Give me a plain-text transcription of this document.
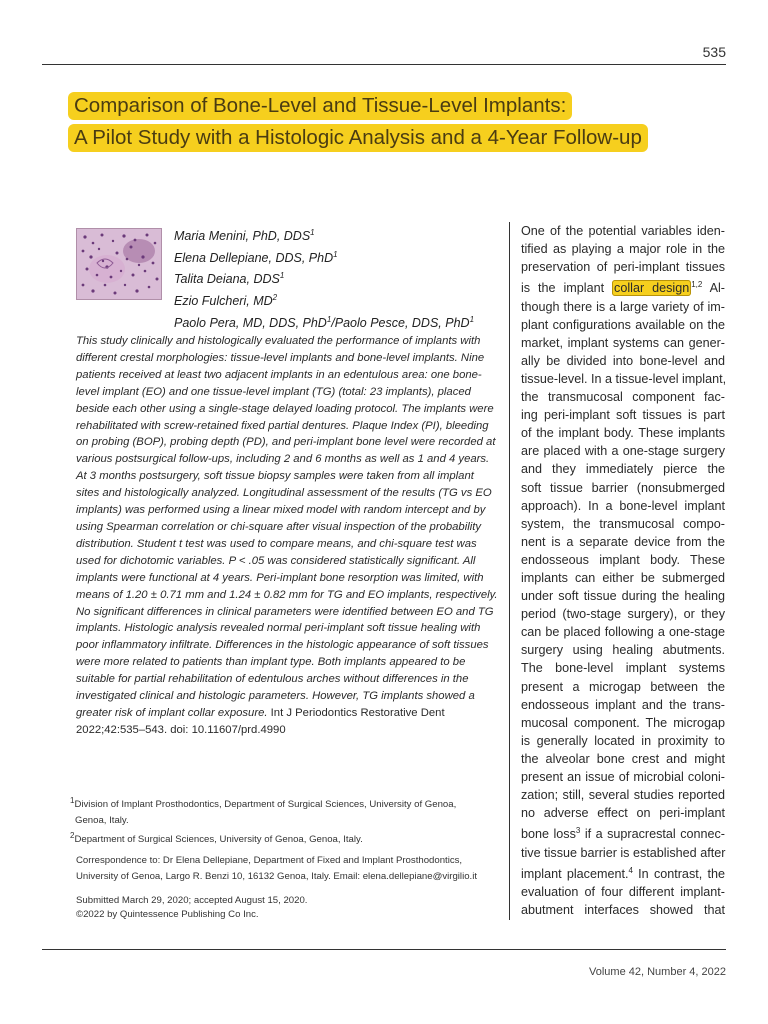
535
Comparison of Bone-Level and Tissue-Level Implants:
A Pilot Study with a Histologic Analysis and a 4-Year Follow-up
Maria Menini, PhD, DDS$^1$
Elena Dellepiane, DDS, PhD$^1$
Talita Deiana, DDS$^1$
Ezio Fulcheri, $MD^2$
Paolo Pera, MD, DDS, PhD$^1$/Paolo Pesce, DDS, PhD$^1$
This study clinically and histologically evaluated the performance of implants with different crestal morphologies: tissue-level implants and bone-level implants. Nine patients received at least two adjacent implants in an edentulous area: one bone-level implant (EO) and one tissue-level implant (TG) (total: 23 implants), placed beside each other using a single-stage delayed loading protocol. The implants were rehabilitated with screw-retained fixed partial dentures. Plaque Index (PI), bleeding on probing (BOP), probing depth (PD), and peri-implant bone level were recorded at various postsurgical follow-ups, including 2 and 6 months as well as 1 and 4 years. At 3 months postsurgery, soft tissue biopsy samples were taken from all implant sites and histologically analyzed. Longitudinal assessment of the results (TG vs EO implants) was performed using a linear mixed model with random intercept and by using Spearman correlation or chi-square after visual inspection of the probability distribution. Student t test was used to compare means, and chi-square test was used for dichotomic variables. P < .05 was considered statistically significant. All implants were functional at 4 years. Peri-implant bone resorption was limited, with means of 1.20 ± 0.71 mm and 1.24 ± 0.82 mm for TG and EO implants, respectively. No significant differences in clinical parameters were identified between EO and TG implants. Histologic analysis revealed normal peri-implant soft tissue healing with poor inflammatory infiltrate. Differences in the histologic appearance of soft tissues were more related to patients than implant type. Both implants appeared to be suitable for partial rehabilitation of edentulous arches without differences in the investigated clinical and histologic parameters. However, TG implants showed a greater risk of implant collar exposure. Int J Periodontics Restorative Dent 2022;42:535–543. doi: 10.11607/prd.4990
$^1$Division of Implant Prosthodontics, Department of Surgical Sciences, University of Genoa,
Genoa, Italy.
$^2$Department of Surgical Sciences, University of Genoa, Genoa, Italy.
Correspondence to: Dr Elena Dellepiane, Department of Fixed and Implant Prosthodontics,
University of Genoa, Largo R. Benzi 10, 16132 Genoa, Italy. Email: elena.dellepiane@virgilio.it
Submitted March 29, 2020; accepted August 15, 2020.
©2022 by Quintessence Publishing Co Inc.
One of the potential variables iden-
tified as playing a major role in the
preservation of peri-implant tissues
is the implant collar design $^{1,2}$ Al-
though there is a large variety of im-
plant configurations available on the
market, implant systems can gener-
ally be divided into bone-level and
tissue-level. In a tissue-level implant,
the transmucosal component fac-
ing peri-implant soft tissues is part
of the implant body. These implants
are placed with a one-stage surgery
and they immediately pierce the
soft tissue barrier (nonsubmerged
approach). In a bone-level implant
system, the transmucosal compo-
nent is a separate device from the
endosseous implant body. These
implants can either be submerged
under soft tissue during the healing
period (two-stage surgery), or they
can be placed following a one-stage
surgery using healing abutments.
The bone-level implant systems
present a microgap between the
endosseous implant and the trans-
mucosal component. The microgap
is generally located in proximity to
the alveolar bone crest and might
present an issue of microbial coloni-
zation; still, several studies reported
no adverse effect on peri-implant
bone loss$^3$ if a supracrestal connec-
tive tissue barrier is established after
implant placement.$^4$ In contrast, the
evaluation of four different implant-
abutment interfaces showed that
Volume 42, Number 4, 2022
